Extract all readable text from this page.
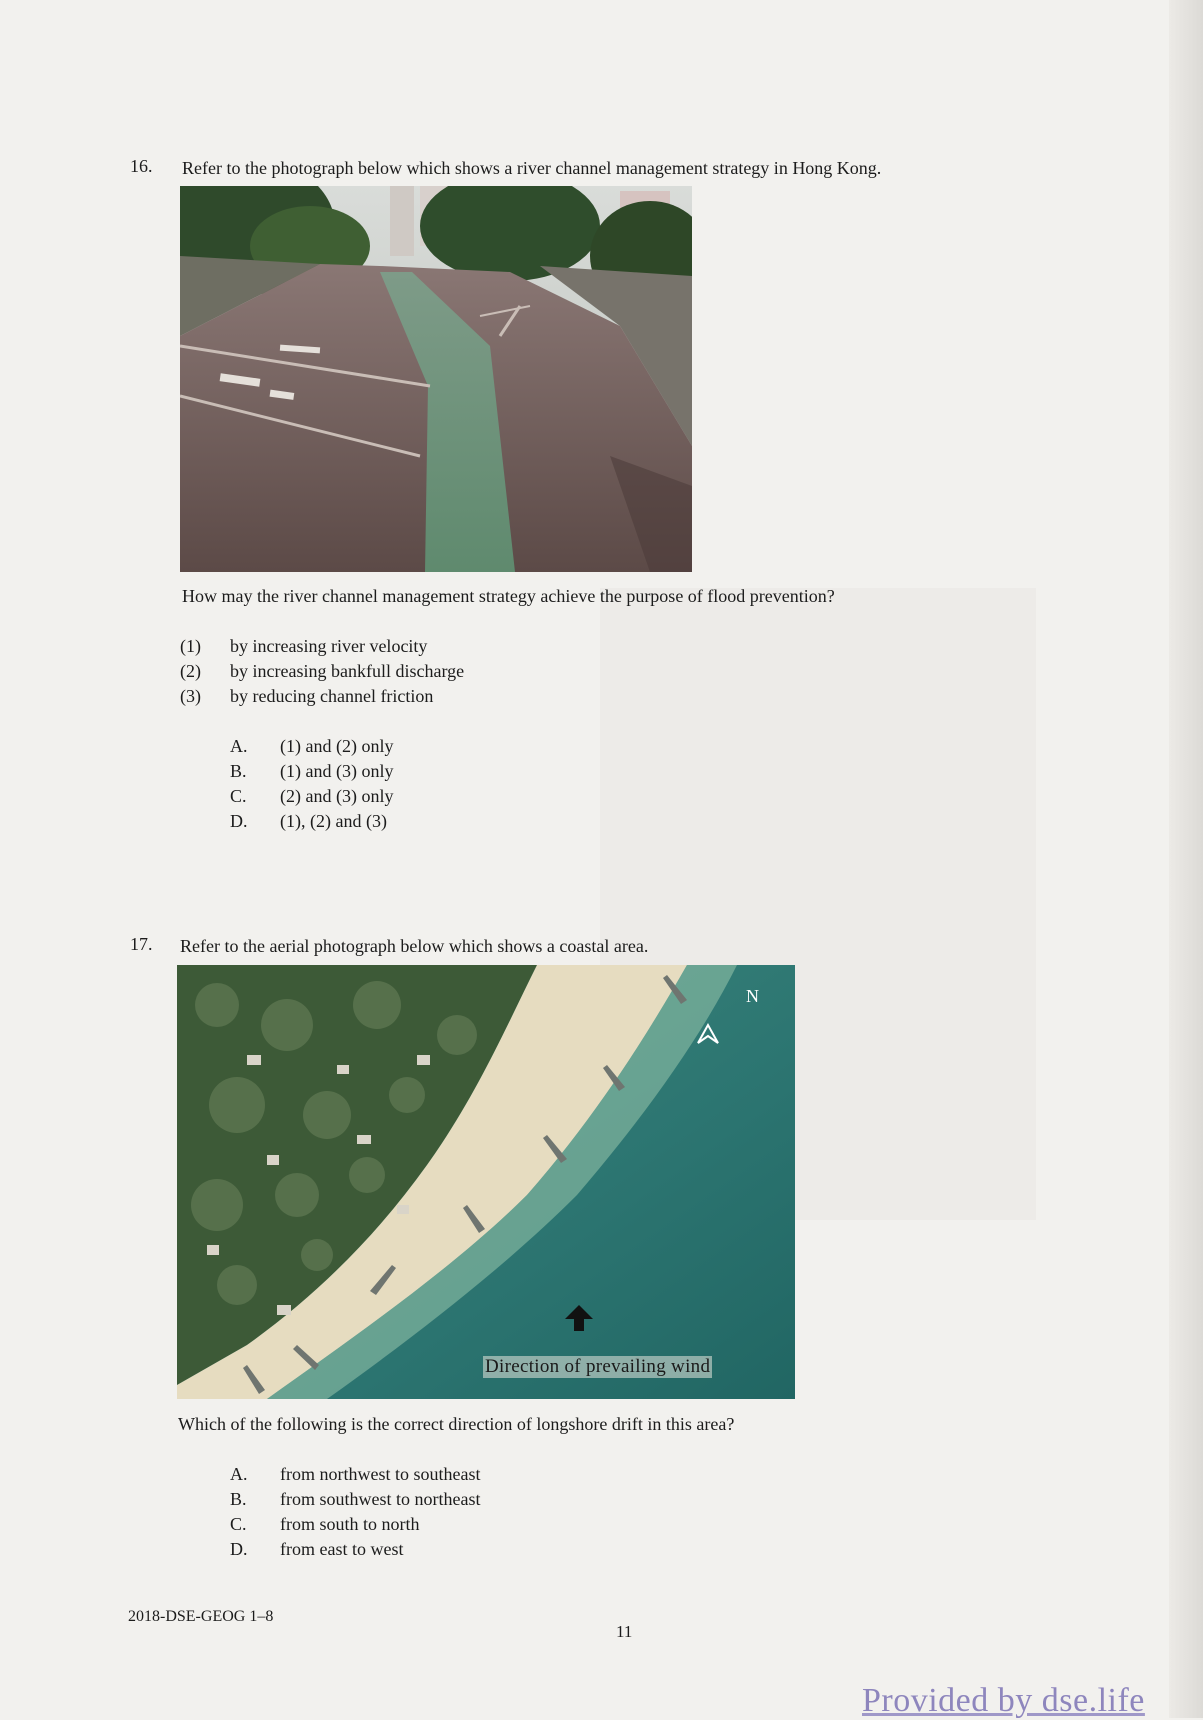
16. Refer to the photograph below which shows a river channel management strategy in Hong Kong.
How may the river channel management strategy achieve the purpose of flood prevention?
(1) by increasing river velocity
(2) by increasing bankfull discharge
(3) by reducing channel friction
A. (1) and (2) only
B. (1) and (3) only
C. (2) and (3) only
D. (1), (2) and (3)
17. Refer to the aerial photograph below which shows a coastal area.
N
Direction of prevailing wind
Which of the following is the correct direction of longshore drift in this area?
A. from northwest to southeast
B. from southwest to northeast
C. from south to north
D. from east to west
2018-DSE-GEOG 1–8
11
Provided by dse.life
